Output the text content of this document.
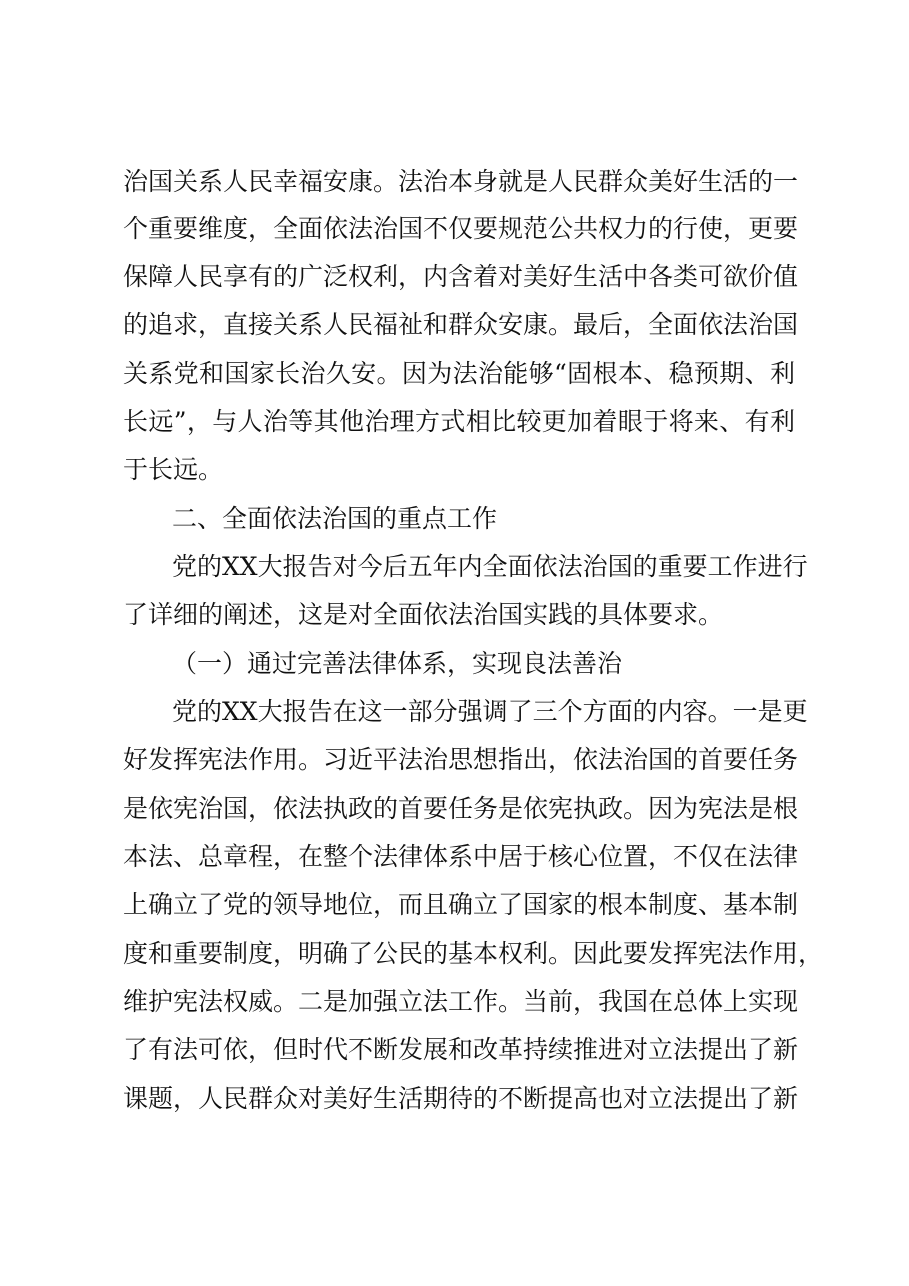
治国关系人民幸福安康。法治本身就是人民群众美好生活的一
个重要维度，全面依法治国不仅要规范公共权力的行使，更要
保障人民享有的广泛权利，内含着对美好生活中各类可欲价值
的追求，直接关系人民福祉和群众安康。最后，全面依法治国
关系党和国家长治久安。因为法治能够“固根本、稳预期、利
长远”，与人治等其他治理方式相比较更加着眼于将来、有利
于长远。
二、全面依法治国的重点工作
党的XX大报告对今后五年内全面依法治国的重要工作进行
了详细的阐述，这是对全面依法治国实践的具体要求。
（一）通过完善法律体系，实现良法善治
党的XX大报告在这一部分强调了三个方面的内容。一是更
好发挥宪法作用。习近平法治思想指出，依法治国的首要任务
是依宪治国，依法执政的首要任务是依宪执政。因为宪法是根
本法、总章程，在整个法律体系中居于核心位置，不仅在法律
上确立了党的领导地位，而且确立了国家的根本制度、基本制
度和重要制度，明确了公民的基本权利。因此要发挥宪法作用，
维护宪法权威。二是加强立法工作。当前，我国在总体上实现
了有法可依，但时代不断发展和改革持续推进对立法提出了新
课题，人民群众对美好生活期待的不断提高也对立法提出了新
